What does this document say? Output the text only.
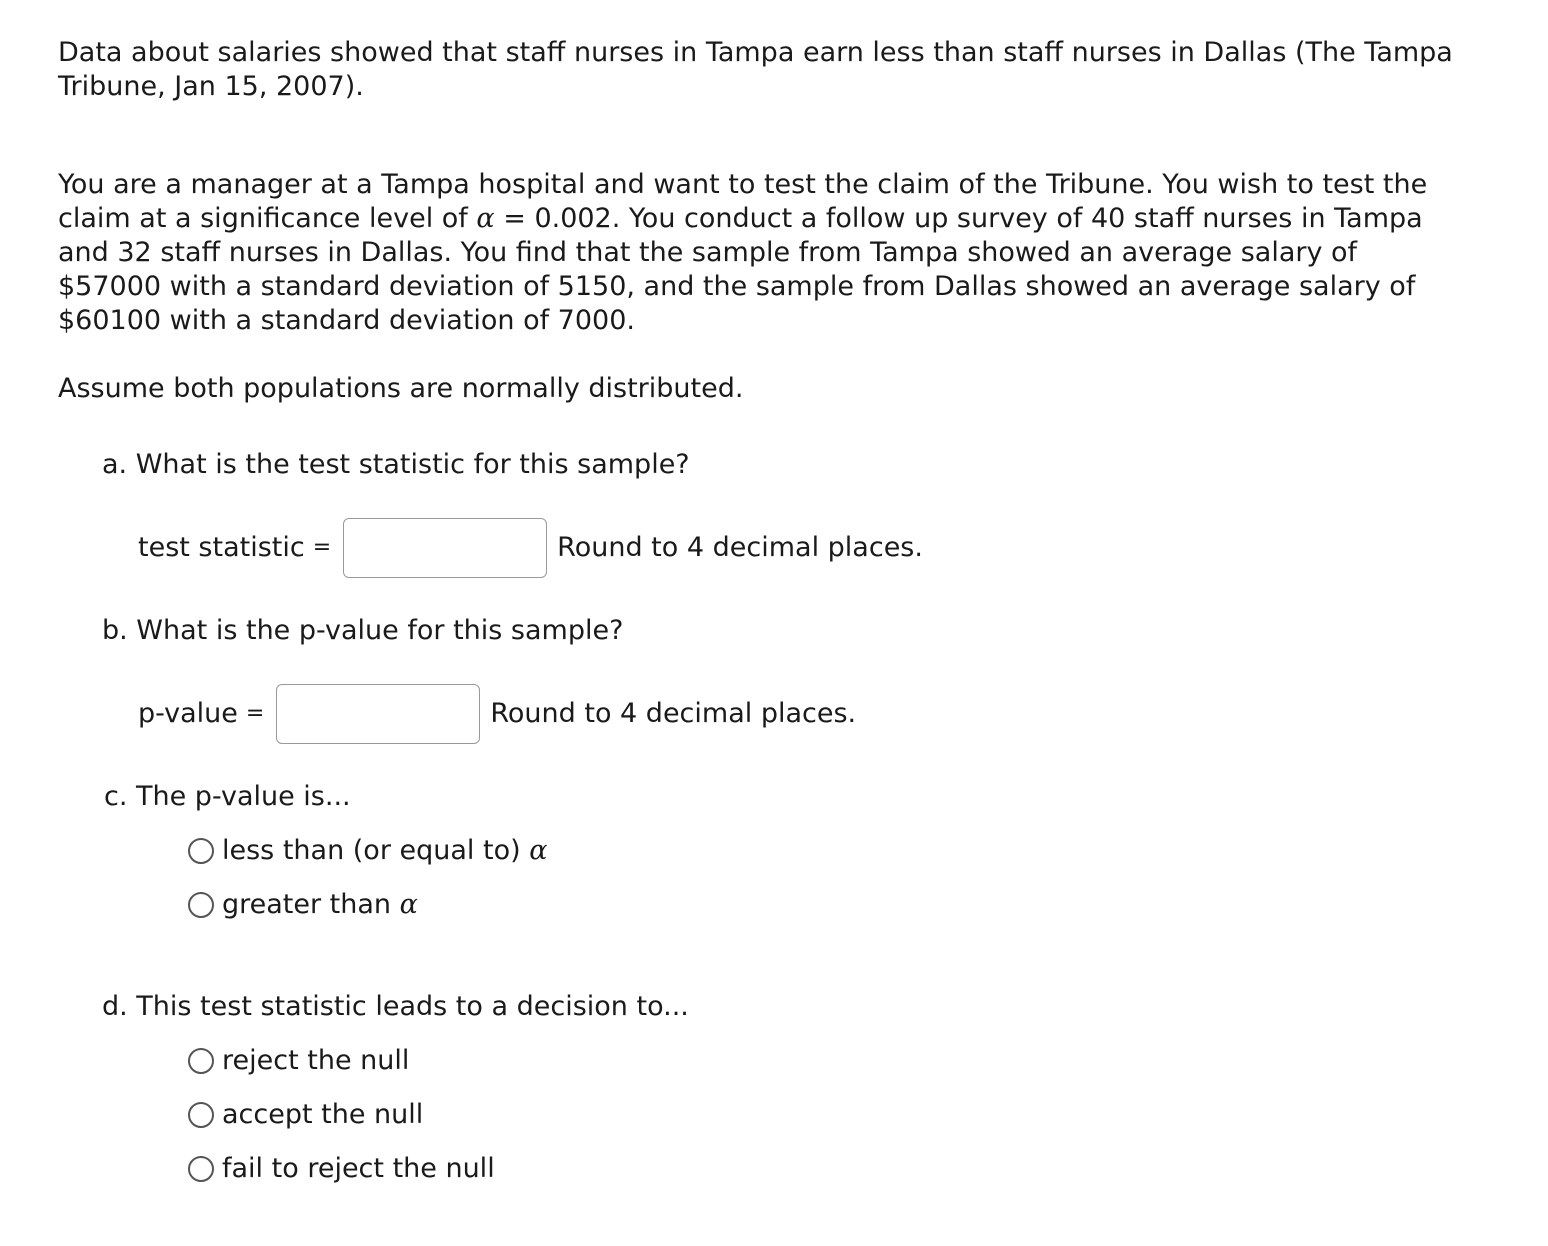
Data about salaries showed that staff nurses in Tampa earn less than staff nurses in Dallas (The Tampa Tribune, Jan 15, 2007).

You are a manager at a Tampa hospital and want to test the claim of the Tribune. You wish to test the claim at a significance level of α = 0.002. You conduct a follow up survey of 40 staff nurses in Tampa and 32 staff nurses in Dallas. You find that the sample from Tampa showed an average salary of $57000 with a standard deviation of 5150, and the sample from Dallas showed an average salary of $60100 with a standard deviation of 7000.

Assume both populations are normally distributed.

a. What is the test statistic for this sample?
test statistic =	Round to 4 decimal places.
b. What is the p-value for this sample?
p-value =	Round to 4 decimal places.
c. The p-value is...
less than (or equal to)
α
greater than
α
d. This test statistic leads to a decision to...
reject the null
accept the null
fail to reject the null
